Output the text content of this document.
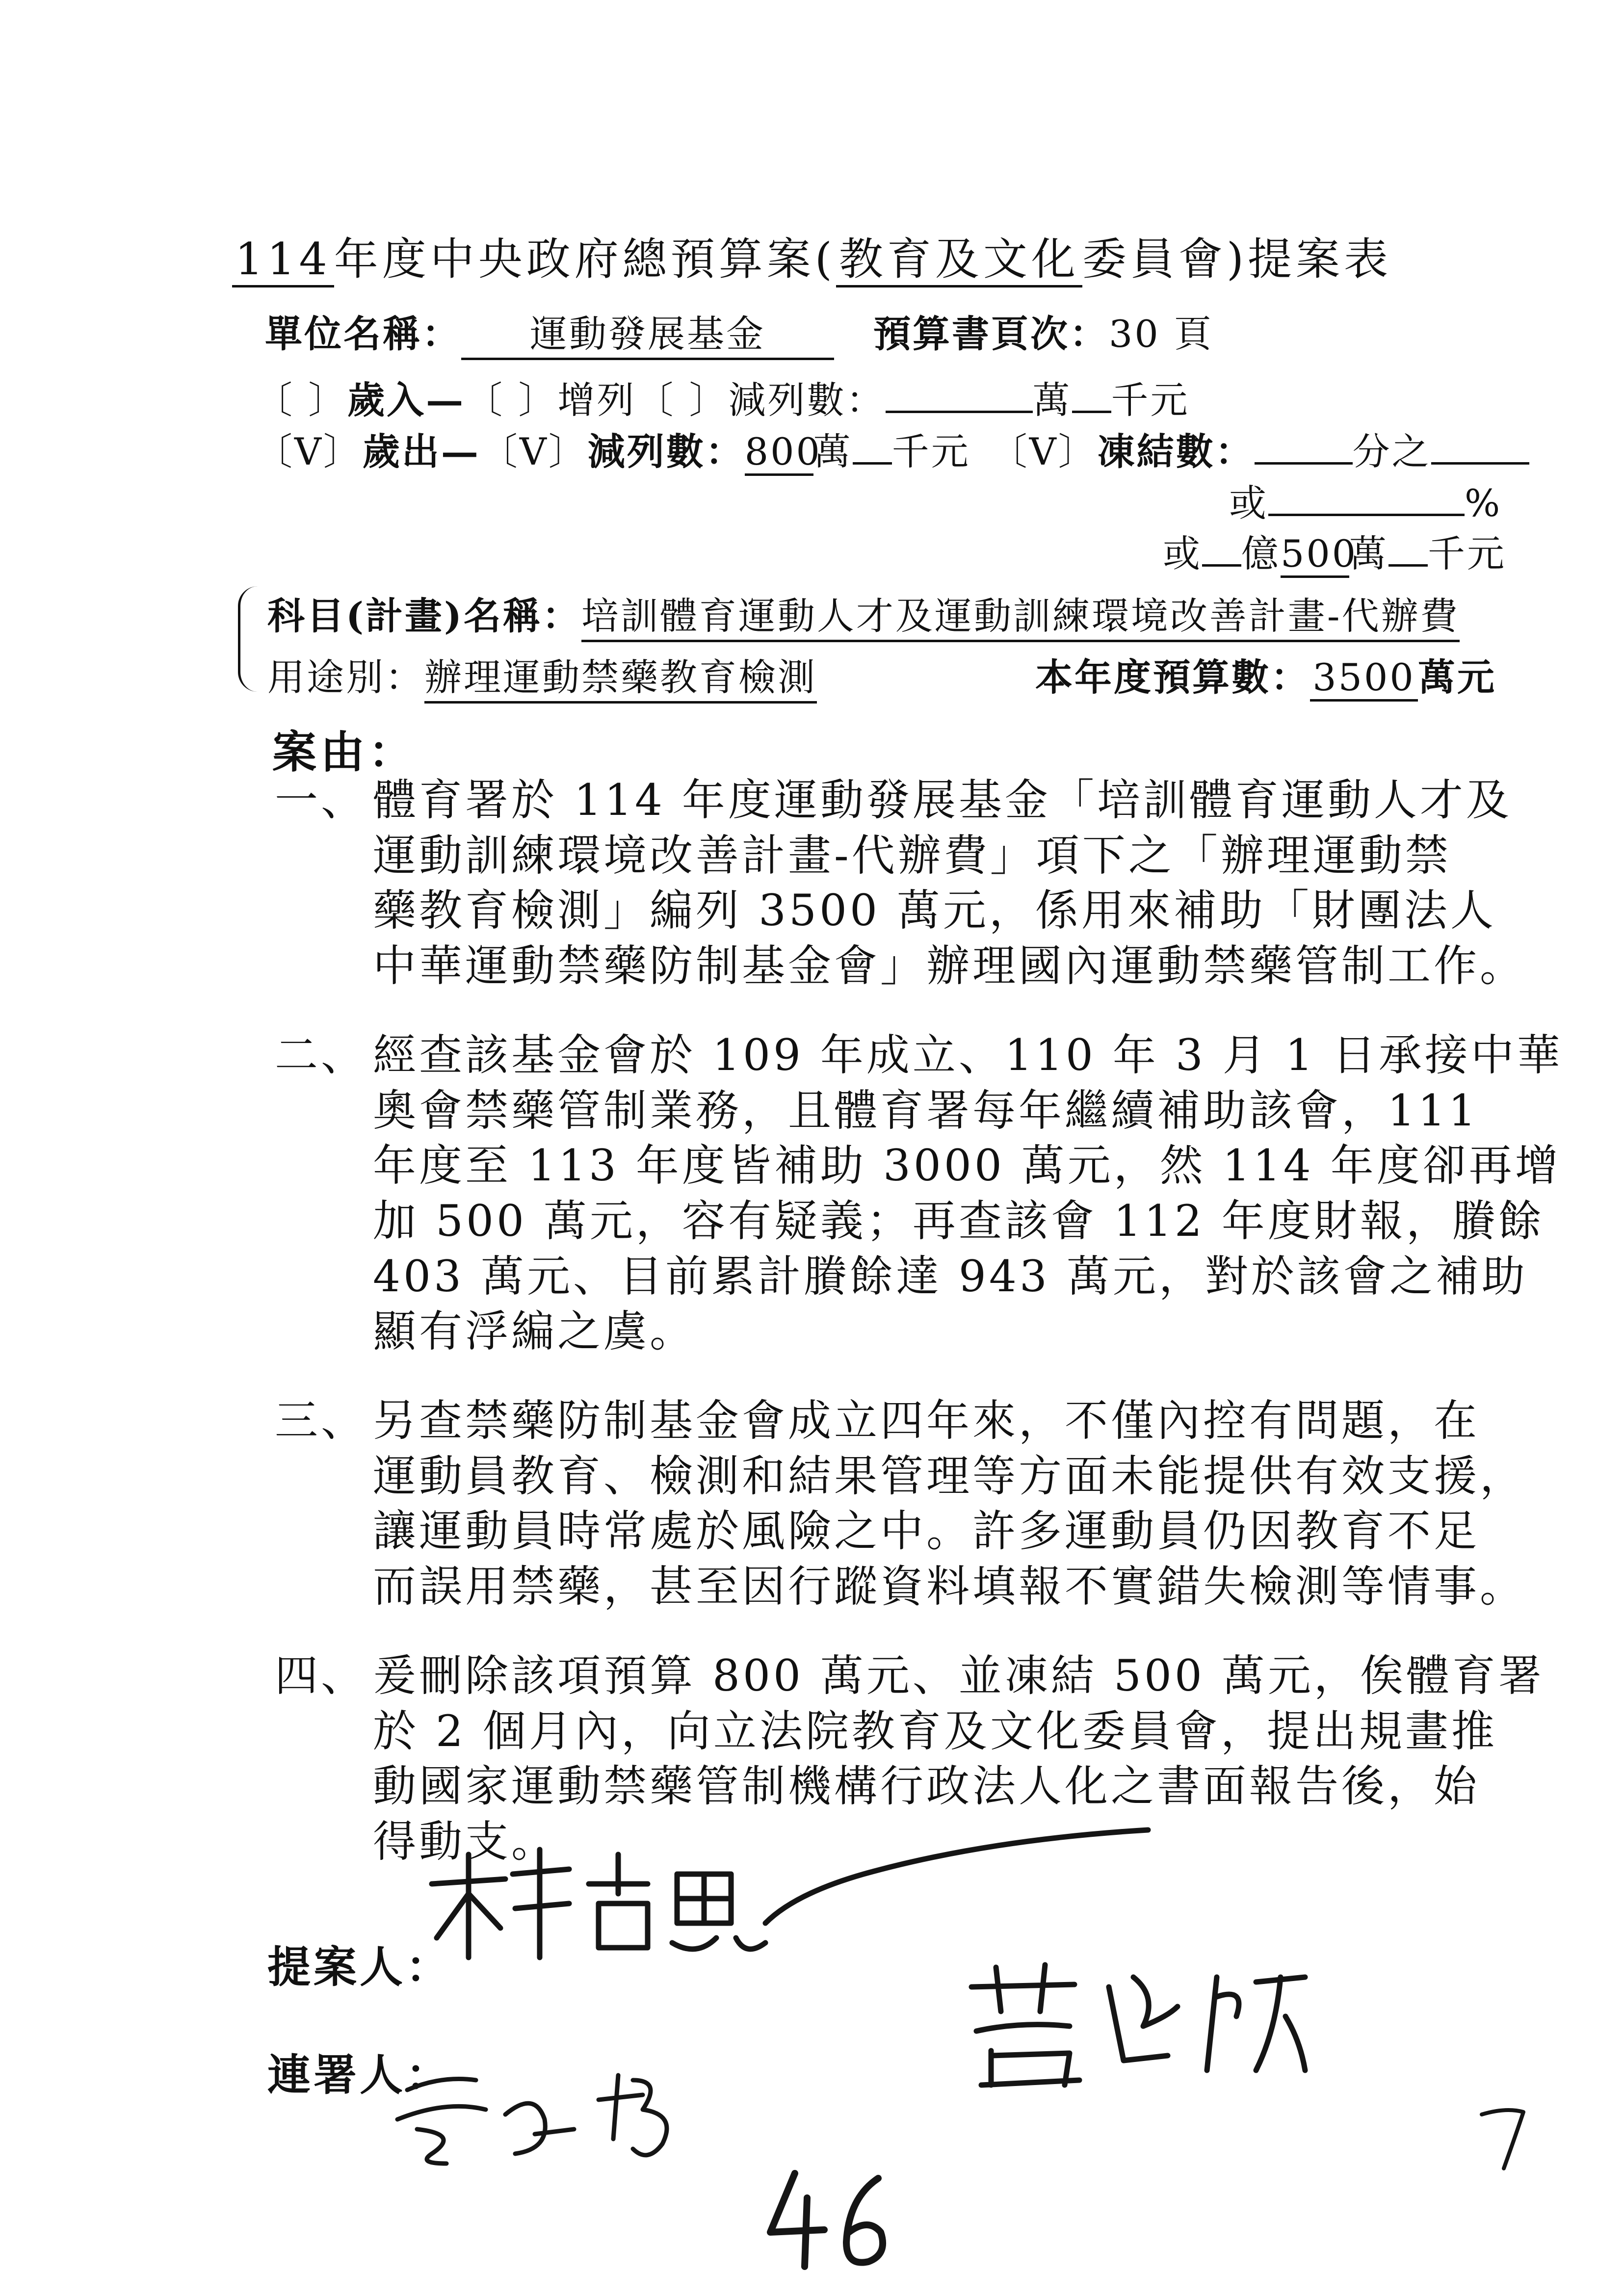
114年度中央政府總預算案(教育及文化委員會)提案表
單位名稱： 運動發展基金	預算書頁次：30 頁
〔 〕歲入—〔 〕增列〔 〕減列數：	萬 千元
〔V〕歲出—〔V〕減列數：800萬 千元 〔V〕凍結數：	分之
或	%
或 億500萬 千元
科目(計畫)名稱：培訓體育運動人才及運動訓練環境改善計畫-代辦費
用途別：辦理運動禁藥教育檢測	本年度預算數：3500萬元
案由：
一、 體育署於 114 年度運動發展基金「培訓體育運動人才及
運動訓練環境改善計畫-代辦費」項下之「辦理運動禁
藥教育檢測」編列 3500 萬元，係用來補助「財團法人
中華運動禁藥防制基金會」辦理國內運動禁藥管制工作。
二、 經查該基金會於 109 年成立、110 年 3 月 1 日承接中華
奧會禁藥管制業務，且體育署每年繼續補助該會，111
年度至 113 年度皆補助 3000 萬元，然 114 年度卻再增
加 500 萬元，容有疑義；再查該會 112 年度財報，賸餘
403 萬元、目前累計賸餘達 943 萬元，對於該會之補助
顯有浮編之虞。
三、 另查禁藥防制基金會成立四年來，不僅內控有問題，在
運動員教育、檢測和結果管理等方面未能提供有效支援，
讓運動員時常處於風險之中。許多運動員仍因教育不足
而誤用禁藥，甚至因行蹤資料填報不實錯失檢測等情事。
四、 爰刪除該項預算 800 萬元、並凍結 500 萬元，俟體育署
於 2 個月內，向立法院教育及文化委員會，提出規畫推
動國家運動禁藥管制機構行政法人化之書面報告後，始
得動支。
提案人：
連署人：
